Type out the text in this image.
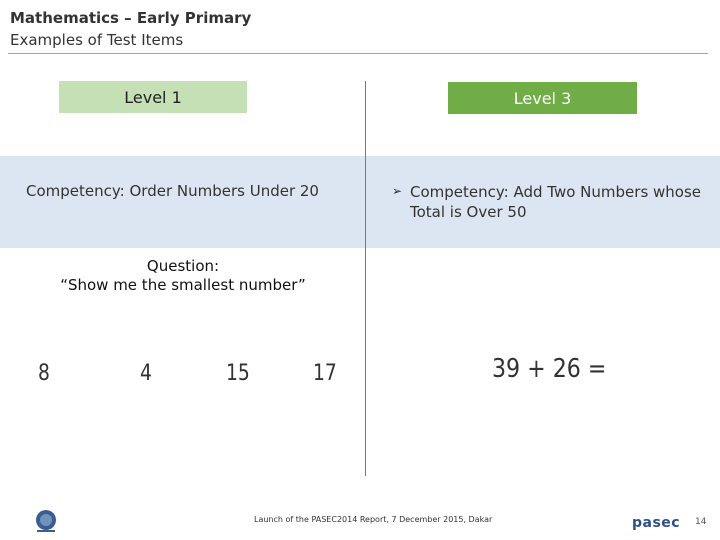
Mathematics – Early Primary
Examples of Test Items
Level 1	Level 3
Competency: Order Numbers Under 20	➢ Competency: Add Two Numbers whose Total is Over 50
Question:
“Show me the smallest number”
8	4	15	17	39 + 26 =
Launch of the PASEC2014 Report, 7 December 2015, Dakar	pasec 14
